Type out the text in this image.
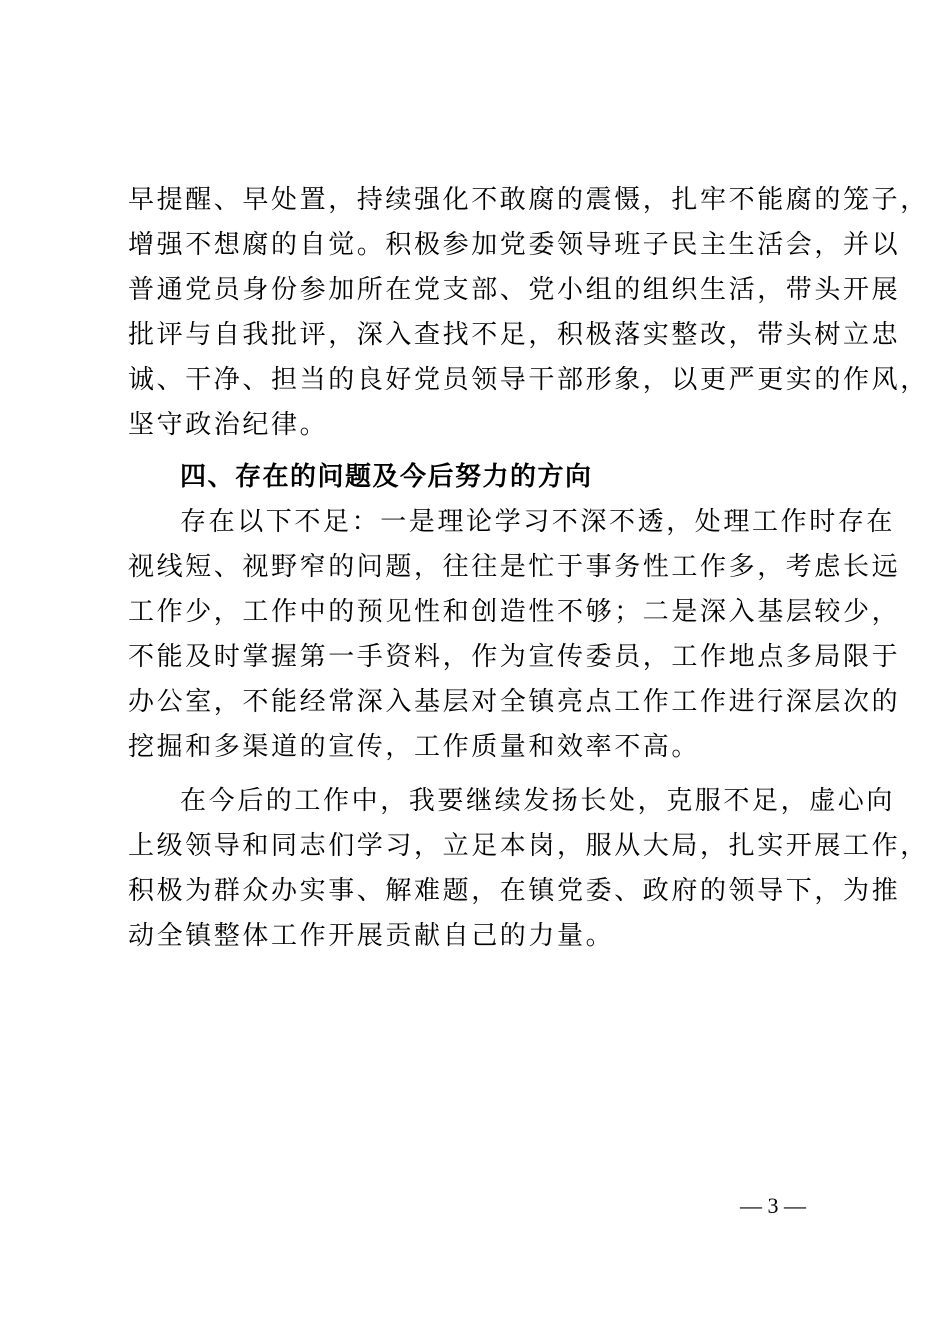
早提醒、早处置，持续强化不敢腐的震慑，扎牢不能腐的笼子，
增强不想腐的自觉。积极参加党委领导班子民主生活会，并以
普通党员身份参加所在党支部、党小组的组织生活，带头开展
批评与自我批评，深入查找不足，积极落实整改，带头树立忠
诚、干净、担当的良好党员领导干部形象，以更严更实的作风，
坚守政治纪律。
四、存在的问题及今后努力的方向
存在以下不足：一是理论学习不深不透，处理工作时存在
视线短、视野窄的问题，往往是忙于事务性工作多，考虑长远
工作少，工作中的预见性和创造性不够；二是深入基层较少，
不能及时掌握第一手资料，作为宣传委员，工作地点多局限于
办公室，不能经常深入基层对全镇亮点工作工作进行深层次的
挖掘和多渠道的宣传，工作质量和效率不高。
在今后的工作中，我要继续发扬长处，克服不足，虚心向
上级领导和同志们学习，立足本岗，服从大局，扎实开展工作，
积极为群众办实事、解难题，在镇党委、政府的领导下，为推
动全镇整体工作开展贡献自己的力量。
— 3 —
